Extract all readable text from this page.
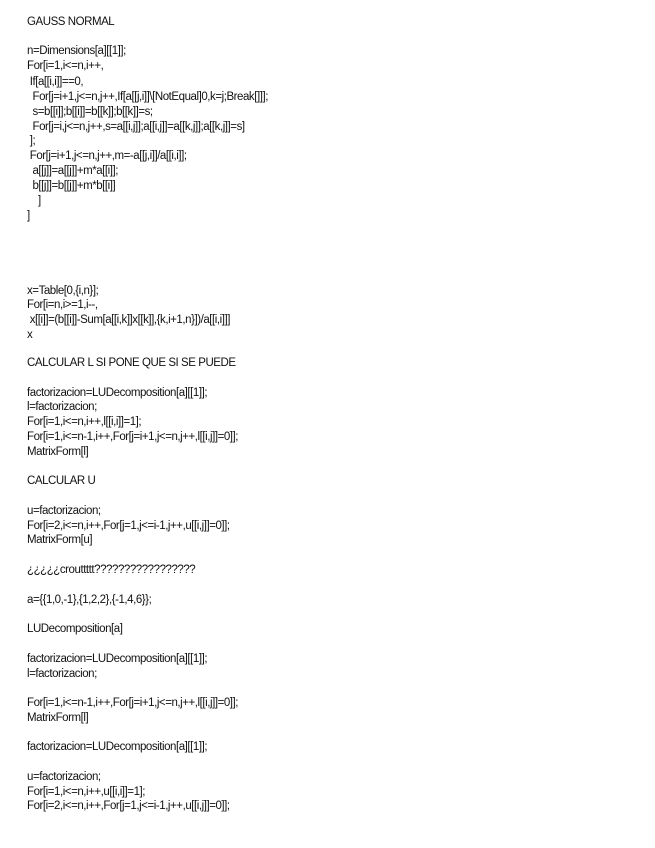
GAUSS NORMAL
n=Dimensions[a][[1]];
For[i=1,i<=n,i++,
If[a[[i,i]]==0,
For[j=i+1,j<=n,j++,If[a[[j,i]]\[NotEqual]0,k=j;Break[]]];
s=b[[i]];b[[i]]=b[[k]];b[[k]]=s;
For[j=i,j<=n,j++,s=a[[i,j]];a[[i,j]]=a[[k,j]];a[[k,j]]=s]
];
For[j=i+1,j<=n,j++,m=-a[[j,i]]/a[[i,i]];
a[[j]]=a[[j]]+m*a[[i]];
b[[j]]=b[[j]]+m*b[[i]]
]
]
x=Table[0,{i,n}];
For[i=n,i>=1,i--,
x[[i]]=(b[[i]]-Sum[a[[i,k]]x[[k]],{k,i+1,n}])/a[[i,i]]]
x
CALCULAR L SI PONE QUE SI SE PUEDE
factorizacion=LUDecomposition[a][[1]];
l=factorizacion;
For[i=1,i<=n,i++,l[[i,i]]=1];
For[i=1,i<=n-1,i++,For[j=i+1,j<=n,j++,l[[i,j]]=0]];
MatrixForm[l]
CALCULAR U
u=factorizacion;
For[i=2,i<=n,i++,For[j=1,j<=i-1,j++,u[[i,j]]=0]];
MatrixForm[u]
¿¿¿¿¿crouttttt?????????????????
a={{1,0,-1},{1,2,2},{-1,4,6}};
LUDecomposition[a]
factorizacion=LUDecomposition[a][[1]];
l=factorizacion;
For[i=1,i<=n-1,i++,For[j=i+1,j<=n,j++,l[[i,j]]=0]];
MatrixForm[l]
factorizacion=LUDecomposition[a][[1]];
u=factorizacion;
For[i=1,i<=n,i++,u[[i,i]]=1];
For[i=2,i<=n,i++,For[j=1,j<=i-1,j++,u[[i,j]]=0]];
